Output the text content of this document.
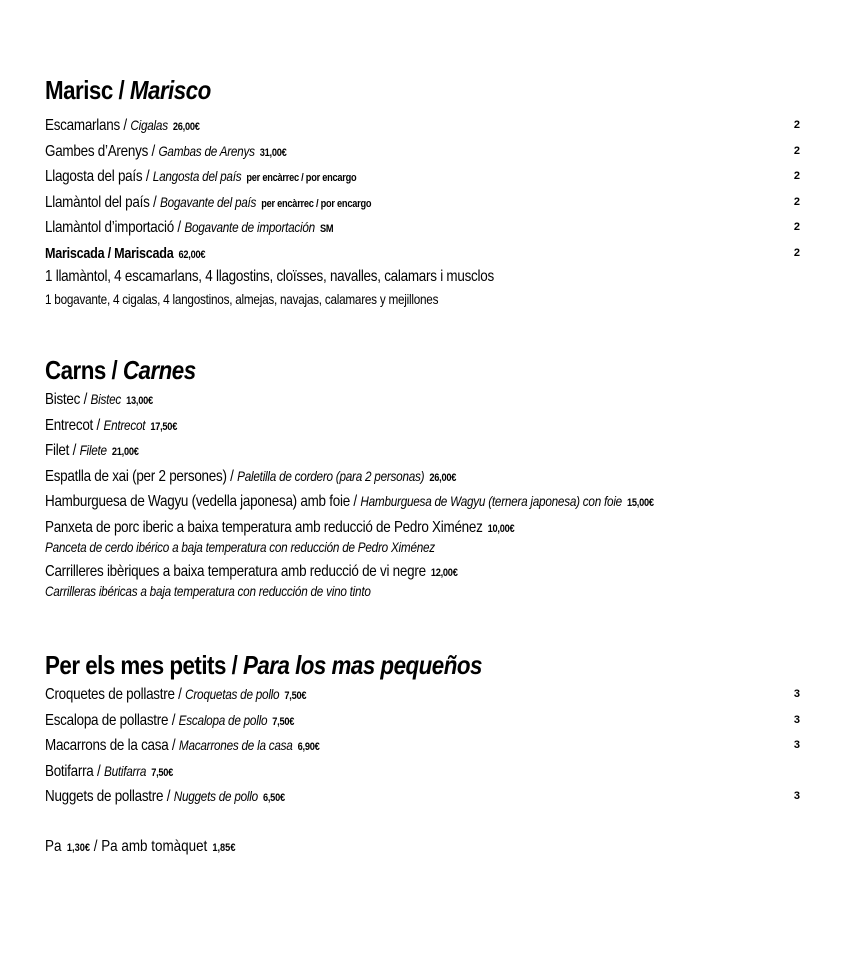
Marisc / Marisco
Escamarlans / Cigalas 26,00€	2
Gambes d’Arenys / Gambas de Arenys 31,00€	2
Llagosta del país / Langosta del país per encàrrec / por encargo	2
Llamàntol del país / Bogavante del país per encàrrec / por encargo	2
Llamàntol d’importació / Bogavante de importación SM	2
Mariscada / Mariscada 62,00€	2
1 llamàntol, 4 escamarlans, 4 llagostins, cloïsses, navalles, calamars i musclos
1 bogavante, 4 cigalas, 4 langostinos, almejas, navajas, calamares y mejillones
Carns / Carnes
Bistec / Bistec 13,00€
Entrecot / Entrecot 17,50€
Filet / Filete 21,00€
Espatlla de xai (per 2 persones) / Paletilla de cordero (para 2 personas) 26,00€
Hamburguesa de Wagyu (vedella japonesa) amb foie / Hamburguesa de Wagyu (ternera japonesa) con foie 15,00€
Panxeta de porc iberic a baixa temperatura amb reducció de Pedro Ximénez 10,00€
Panceta de cerdo ibérico a baja temperatura con reducción de Pedro Ximénez
Carrilleres ibèriques a baixa temperatura amb reducció de vi negre 12,00€
Carrilleras ibéricas a baja temperatura con reducción de vino tinto
Per els mes petits / Para los mas pequeños
Croquetes de pollastre / Croquetas de pollo 7,50€	3
Escalopa de pollastre / Escalopa de pollo 7,50€	3
Macarrons de la casa / Macarrones de la casa 6,90€	3
Botifarra / Butifarra 7,50€
Nuggets de pollastre / Nuggets de pollo 6,50€	3
Pa 1,30€ / Pa amb tomàquet 1,85€
